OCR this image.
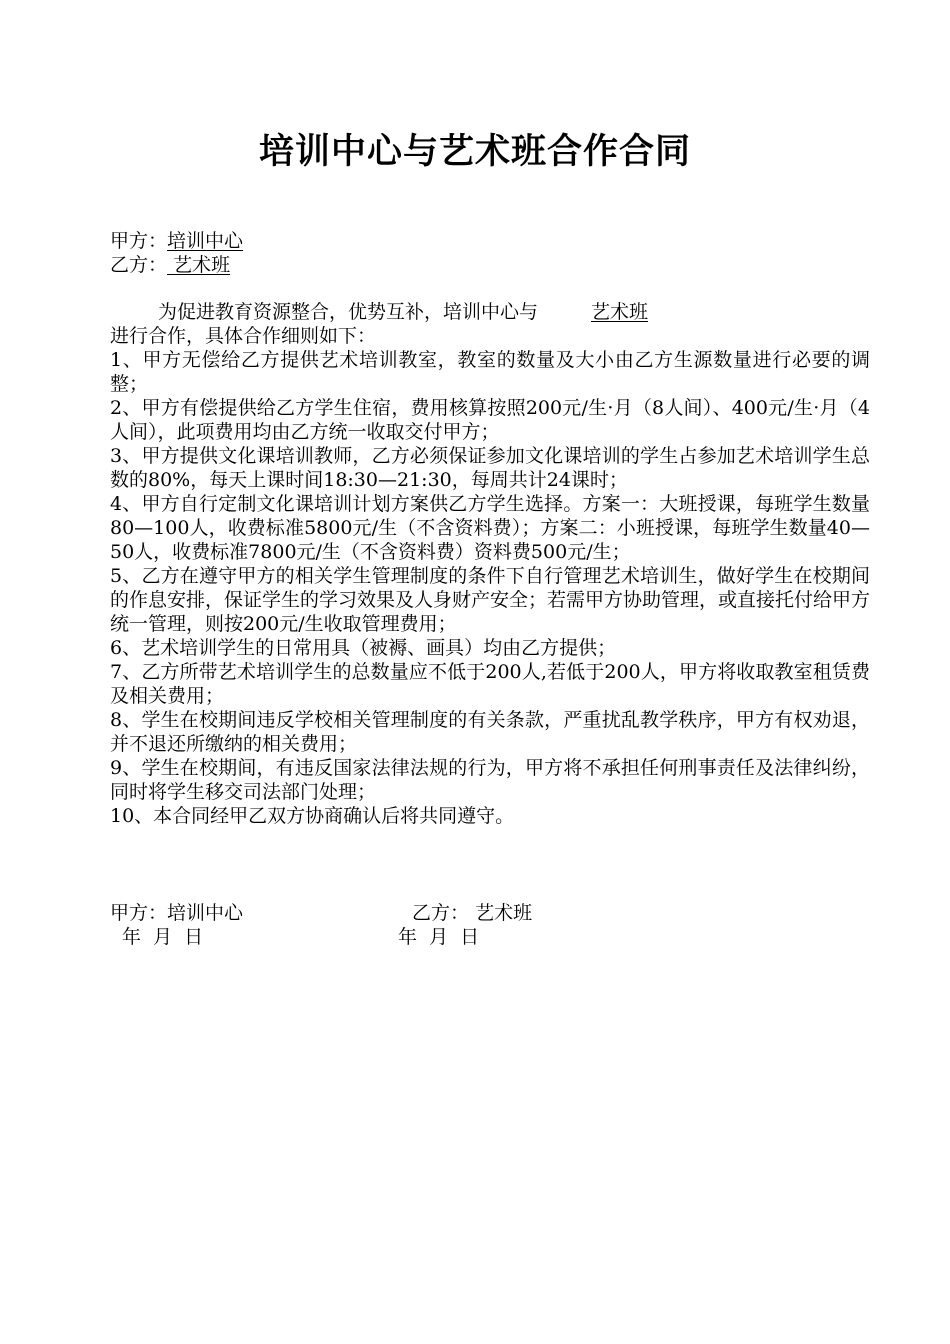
培训中心与艺术班合作合同
甲方：培训中心
乙方： 艺术班
为促进教育资源整合，优势互补，培训中心与	艺术班
进行合作，具体合作细则如下：
1、甲方无偿给乙方提供艺术培训教室，教室的数量及大小由乙方生源数量进行必要的调整；
2、甲方有偿提供给乙方学生住宿，费用核算按照200元/生·月（8人间）、400元/生·月（4人间），此项费用均由乙方统一收取交付甲方；
3、甲方提供文化课培训教师，乙方必须保证参加文化课培训的学生占参加艺术培训学生总数的80%，每天上课时间18:30—21:30，每周共计24课时；
4、甲方自行定制文化课培训计划方案供乙方学生选择。方案一：大班授课，每班学生数量80—100人，收费标准5800元/生（不含资料费）；方案二：小班授课，每班学生数量40—50人，收费标准7800元/生（不含资料费）资料费500元/生；
5、乙方在遵守甲方的相关学生管理制度的条件下自行管理艺术培训生，做好学生在校期间的作息安排，保证学生的学习效果及人身财产安全；若需甲方协助管理，或直接托付给甲方统一管理，则按200元/生收取管理费用；
6、艺术培训学生的日常用具（被褥、画具）均由乙方提供；
7、乙方所带艺术培训学生的总数量应不低于200人,若低于200人，甲方将收取教室租赁费及相关费用；
8、学生在校期间违反学校相关管理制度的有关条款，严重扰乱教学秩序，甲方有权劝退，并不退还所缴纳的相关费用；
9、学生在校期间，有违反国家法律法规的行为，甲方将不承担任何刑事责任及法律纠纷，同时将学生移交司法部门处理；
10、本合同经甲乙双方协商确认后将共同遵守。
甲方：培训中心	乙方： 艺术班
年  月  日	年  月  日
